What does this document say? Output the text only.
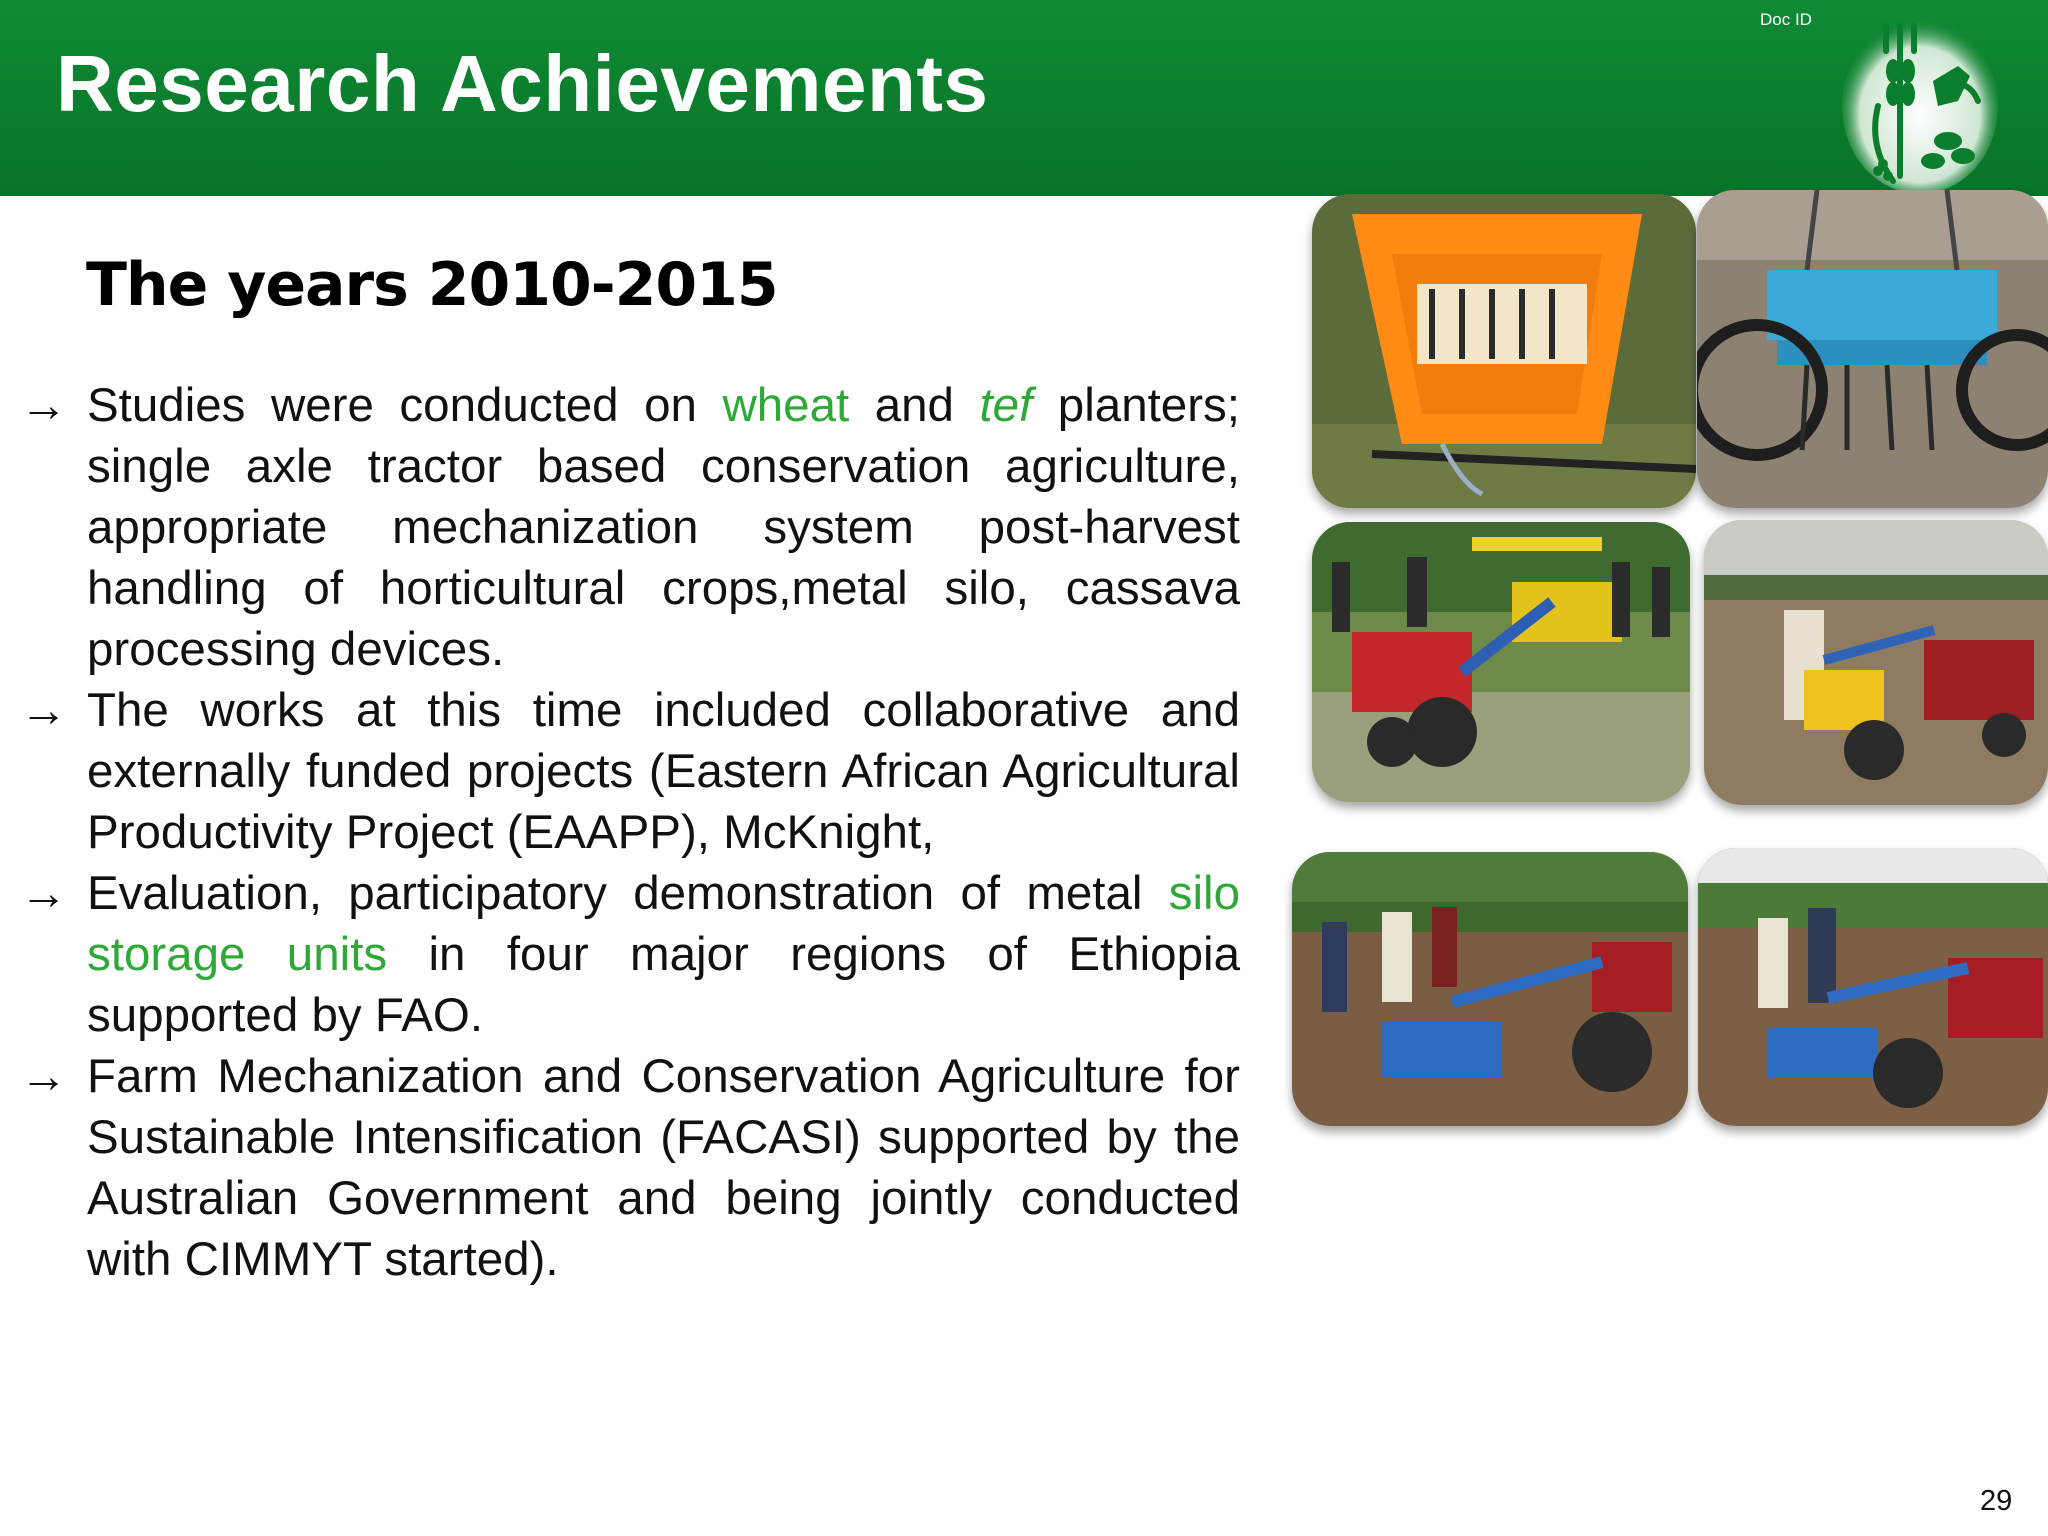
Research Achievements
Doc ID
The years 2010-2015
→ Studies were conducted on wheat and tef planters; single axle tractor based conservation agriculture, appropriate mechanization system post-harvest handling of horticultural crops,metal silo, cassava processing devices.
→ The works at this time included collaborative and externally funded projects (Eastern African Agricultural Productivity Project (EAAPP), McKnight,
→ Evaluation, participatory demonstration of metal silo storage units in four major regions of Ethiopia supported by FAO.
→ Farm Mechanization and Conservation Agriculture for Sustainable Intensification (FACASI) supported by the Australian Government and being jointly conducted with CIMMYT started).
29
